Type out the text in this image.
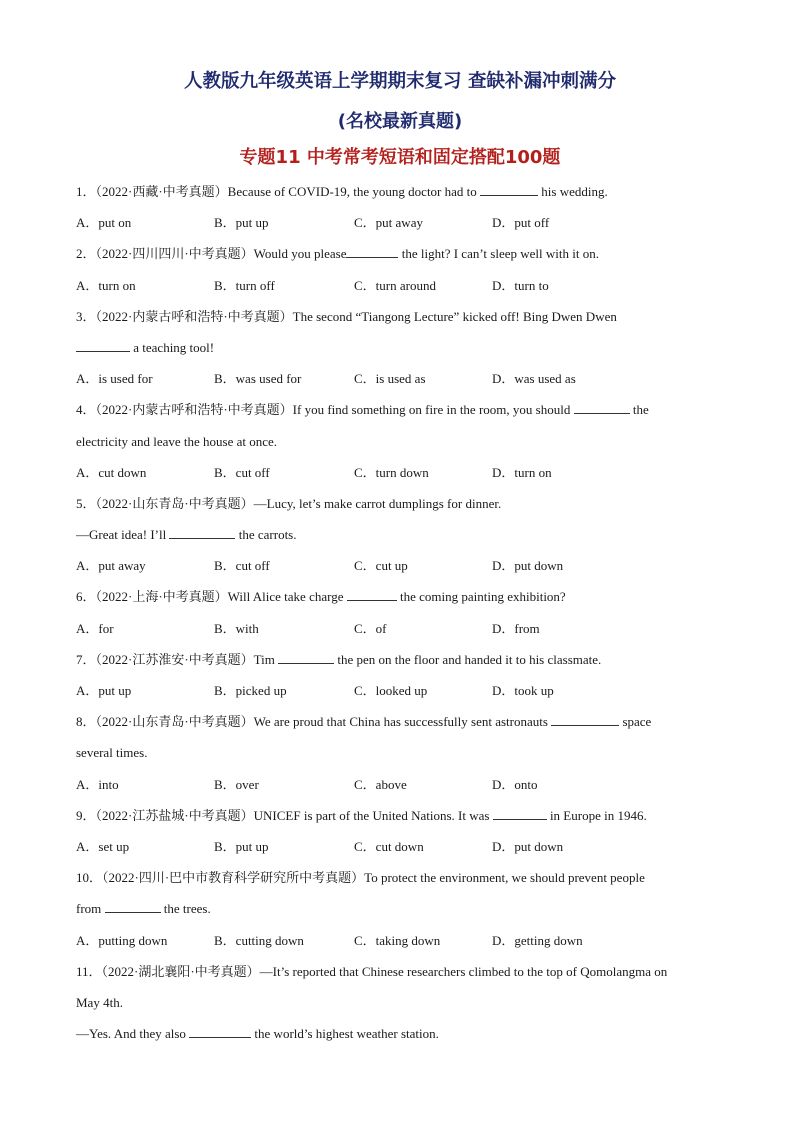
人教版九年级英语上学期期末复习 查缺补漏冲刺满分
(名校最新真题)
专题11 中考常考短语和固定搭配100题
1．（2022·西藏·中考真题）Because of COVID-19, the young doctor had to	his wedding.
A．put on	B．put up	C．put away	D．put off
2．（2022·四川四川·中考真题）Would you please	the light? I can’t sleep well with it on.
A．turn on	B．turn off	C．turn around	D．turn to
3．（2022·内蒙古呼和浩特·中考真题）The second “Tiangong Lecture” kicked off! Bing Dwen Dwen
a teaching tool!
A．is used for	B．was used for	C．is used as	D．was used as
4．（2022·内蒙古呼和浩特·中考真题）If you find something on fire in the room, you should	the
electricity and leave the house at once.
A．cut down	B．cut off	C．turn down	D．turn on
5．（2022·山东青岛·中考真题）—Lucy, let’s make carrot dumplings for dinner.
—Great idea! I’ll	the carrots.
A．put away	B．cut off	C．cut up	D．put down
6．（2022·上海·中考真题）Will Alice take charge	the coming painting exhibition?
A．for	B．with	C．of	D．from
7．（2022·江苏淮安·中考真题）Tim	the pen on the floor and handed it to his classmate.
A．put up	B．picked up	C．looked up	D．took up
8．（2022·山东青岛·中考真题）We are proud that China has successfully sent astronauts	space
several times.
A．into	B．over	C．above	D．onto
9．（2022·江苏盐城·中考真题）UNICEF is part of the United Nations. It was	in Europe in 1946.
A．set up	B．put up	C．cut down	D．put down
10．（2022·四川·巴中市教育科学研究所中考真题）To protect the environment, we should prevent people
from	the trees.
A．putting down	B．cutting down	C．taking down	D．getting down
11．（2022·湖北襄阳·中考真题）—It’s reported that Chinese researchers climbed to the top of Qomolangma on
May 4th.
—Yes. And they also	the world’s highest weather station.
